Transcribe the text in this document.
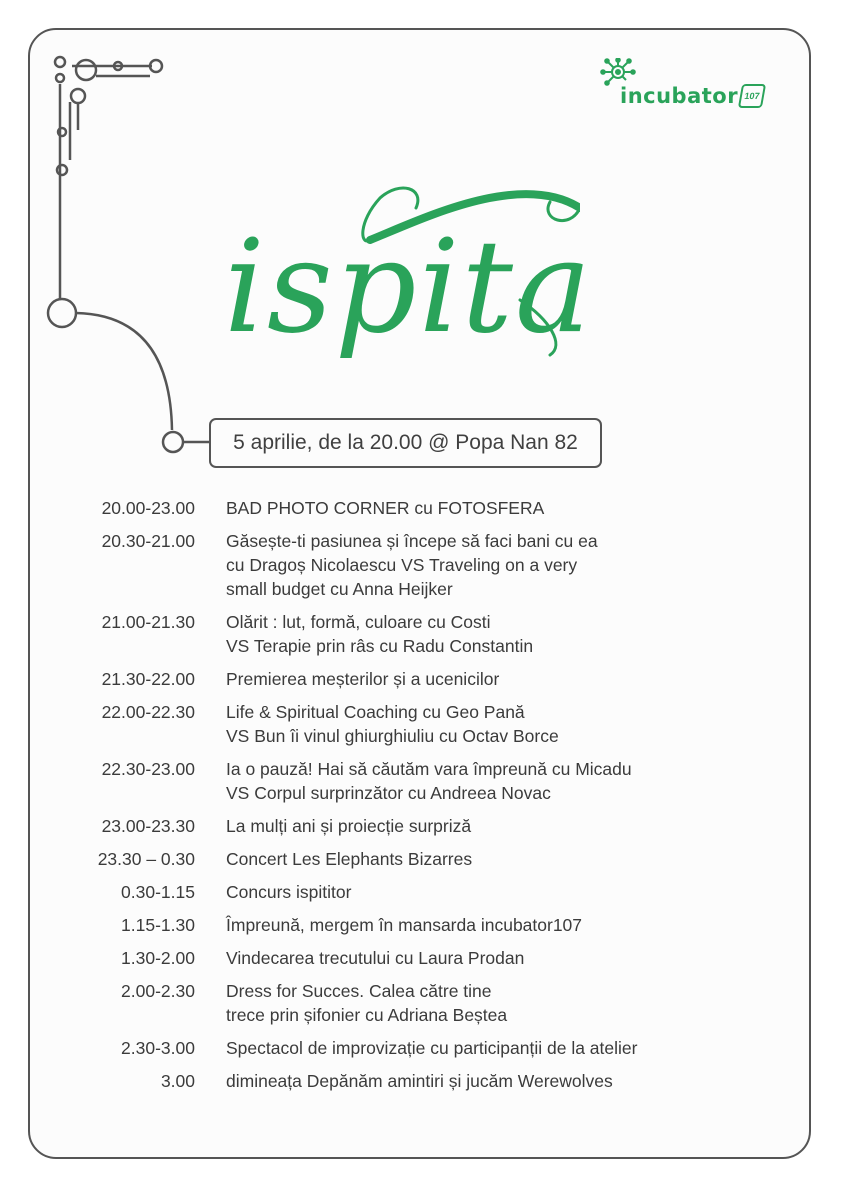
incubator 107
ispita
5 aprilie, de la 20.00 @ Popa Nan 82
20.00-23.00 BAD PHOTO CORNER cu FOTOSFERA
20.30-21.00 Găsește-ti pasiunea și începe să faci bani cu ea
cu Dragoș Nicolaescu VS Traveling on a very
small budget cu Anna Heijker
21.00-21.30 Olărit : lut, formă, culoare cu Costi
VS Terapie prin râs cu Radu Constantin
21.30-22.00 Premierea meșterilor și a ucenicilor
22.00-22.30 Life & Spiritual Coaching cu Geo Pană
VS Bun îi vinul ghiurghiuliu cu Octav Borce
22.30-23.00 Ia o pauză! Hai să căutăm vara împreună cu Micadu
VS Corpul surprinzător cu Andreea Novac
23.00-23.30 La mulți ani și proiecție surpriză
23.30 – 0.30 Concert Les Elephants Bizarres
0.30-1.15 Concurs ispititor
1.15-1.30 Împreună, mergem în mansarda incubator107
1.30-2.00 Vindecarea trecutului cu Laura Prodan
2.00-2.30 Dress for Succes. Calea către tine
trece prin șifonier cu Adriana Beștea
2.30-3.00 Spectacol de improvizație cu participanții de la atelier
3.00 dimineața Depănăm amintiri și jucăm Werewolves
